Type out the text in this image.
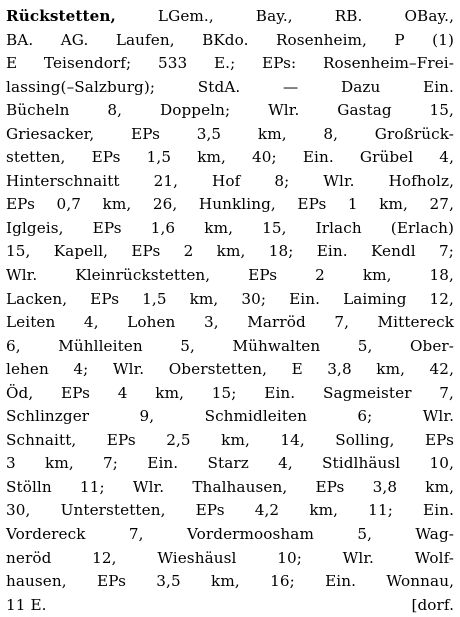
Rückstetten, LGem., Bay., RB. OBay.,
BA. AG. Laufen, BKdo. Rosenheim, P (1)
E Teisendorf; 533 E.; EPs: Rosenheim–Frei-
lassing(–Salzburg); StdA. — Dazu Ein.
Bücheln 8, Doppeln; Wlr. Gastag 15,
Griesacker, EPs 3,5 km, 8, Großrück-
stetten, EPs 1,5 km, 40; Ein. Grübel 4,
Hinterschnaitt 21, Hof 8; Wlr. Hofholz,
EPs 0,7 km, 26, Hunkling, EPs 1 km, 27,
Iglgeis, EPs 1,6 km, 15, Irlach (Erlach)
15, Kapell, EPs 2 km, 18; Ein. Kendl 7;
Wlr. Kleinrückstetten, EPs 2 km, 18,
Lacken, EPs 1,5 km, 30; Ein. Laiming 12,
Leiten 4, Lohen 3, Marröd 7, Mittereck
6, Mühlleiten 5, Mühwalten 5, Ober-
lehen 4; Wlr. Oberstetten, E 3,8 km, 42,
Öd, EPs 4 km, 15; Ein. Sagmeister 7,
Schlinzger 9, Schmidleiten 6; Wlr.
Schnaitt, EPs 2,5 km, 14, Solling, EPs
3 km, 7; Ein. Starz 4, Stidlhäusl 10,
Stölln 11; Wlr. Thalhausen, EPs 3,8 km,
30, Unterstetten, EPs 4,2 km, 11; Ein.
Vordereck 7, Vordermoosham 5, Wag-
neröd 12, Wieshäusl 10; Wlr. Wolf-
hausen, EPs 3,5 km, 16; Ein. Wonnau,
11 E.	[dorf.
